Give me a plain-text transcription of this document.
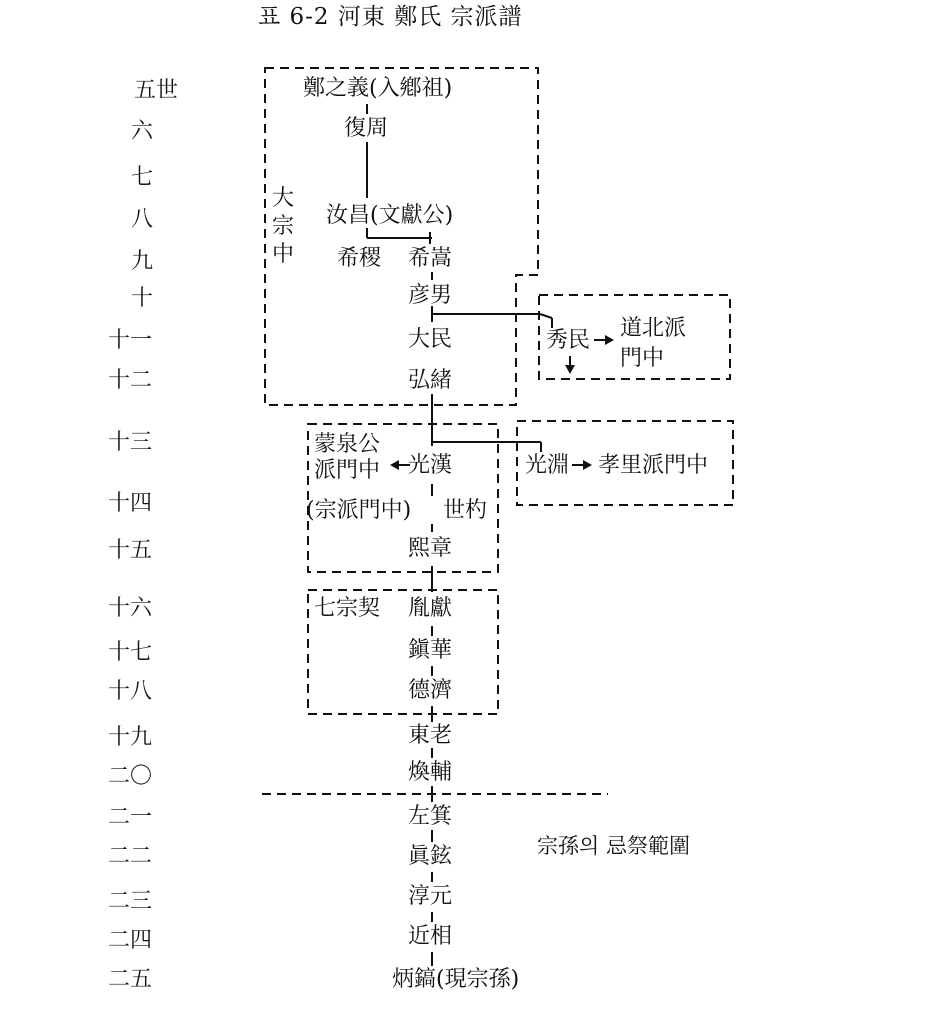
표 6-2 河東 鄭氏 宗派譜
五世
六
七
八
九
十
十一
十二
十三
十四
十五
十六
十七
十八
十九
二〇
二一
二二
二三
二四
二五
鄭之義(入鄕祖)
復周
汝昌(文獻公)
希稷 希嵩
彦男
大民	秀民
弘緒
光漢	光淵
世杓
熙章
胤獻
鎭華
德濟
東老
煥輔
左箕
眞鉉
淳元
近相
炳鎬(現宗孫)
大
宗
中
道北派
門中
孝里派門中
蒙泉公
派門中
(宗派門中)
七宗契
宗孫의 忌祭範圍
